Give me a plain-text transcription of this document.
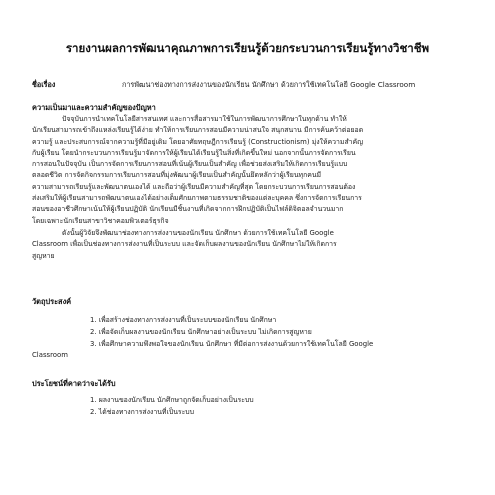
รายงานผลการพัฒนาคุณภาพการเรียนรู้ด้วยกระบวนการเรียนรู้ทางวิชาชีพ
ชื่อเรื่อง	การพัฒนาช่องทางการส่งงานของนักเรียน นักศึกษา ด้วยการใช้เทคโนโลยี Google Classroom
ความเป็นมาและความสำคัญของปัญหา
ปัจจุบันการนำเทคโนโลยีสารสนเทศ และการสื่อสารมาใช้ในการพัฒนาการศึกษาในทุกด้าน ทำให้
นักเรียนสามารถเข้าถึงแหล่งเรียนรู้ได้ง่าย ทำให้การเรียนการสอนมีความน่าสนใจ สนุกสนาน มีการค้นคว้าต่อยอด
ความรู้ และประสบการณ์จากความรู้ที่มีอยู่เดิม โดยอาศัยทฤษฎีการเรียนรู้ (Constructionism) มุ่งให้ความสำคัญ
กับผู้เรียน โดยนำกระบวนการเรียนรู้มาจัดการให้ผู้เรียนได้เรียนรู้ในสิ่งที่เกิดขึ้นใหม่ นอกจากนั้นการจัดการเรียน
การสอนในปัจจุบัน เป็นการจัดการเรียนการสอนที่เน้นผู้เรียนเป็นสำคัญ เพื่อช่วยส่งเสริมให้เกิดการเรียนรู้แบบ
ตลอดชีวิต การจัดกิจกรรมการเรียนการสอนที่มุ่งพัฒนาผู้เรียนเป็นสำคัญนั้นยึดหลักว่าผู้เรียนทุกคนมี
ความสามารถเรียนรู้และพัฒนาตนเองได้ และถือว่าผู้เรียนมีความสำคัญที่สุด โดยกระบวนการเรียนการสอนต้อง
ส่งเสริมให้ผู้เรียนสามารถพัฒนาตนเองได้อย่างเต็มศักยภาพตามธรรมชาติของแต่ละบุคคล ซึ่งการจัดการเรียนการ
สอนของอาชีวศึกษาเน้นให้ผู้เรียนปฏิบัติ นักเรียนมีชิ้นงานที่เกิดจากการฝึกปฏิบัติเป็นไฟล์ดิจิตอลจำนวนมาก
โดยเฉพาะนักเรียนสาขาวิชาคอมพิวเตอร์ธุรกิจ
ดังนั้นผู้วิจัยจึงพัฒนาช่องทางการส่งงานของนักเรียน นักศึกษา ด้วยการใช้เทคโนโลยี Google
Classroom เพื่อเป็นช่องทางการส่งงานที่เป็นระบบ และจัดเก็บผลงานของนักเรียน นักศึกษาไม่ให้เกิดการ
สูญหาย
วัตถุประสงค์
1. เพื่อสร้างช่องทางการส่งงานที่เป็นระบบของนักเรียน นักศึกษา
2. เพื่อจัดเก็บผลงานของนักเรียน นักศึกษาอย่างเป็นระบบ ไม่เกิดการสูญหาย
3. เพื่อศึกษาความพึงพอใจของนักเรียน นักศึกษา ที่มีต่อการส่งงานด้วยการใช้เทคโนโลยี Google
Classroom
ประโยชน์ที่คาดว่าจะได้รับ
1. ผลงานของนักเรียน นักศึกษาถูกจัดเก็บอย่างเป็นระบบ
2. ได้ช่องทางการส่งงานที่เป็นระบบ
